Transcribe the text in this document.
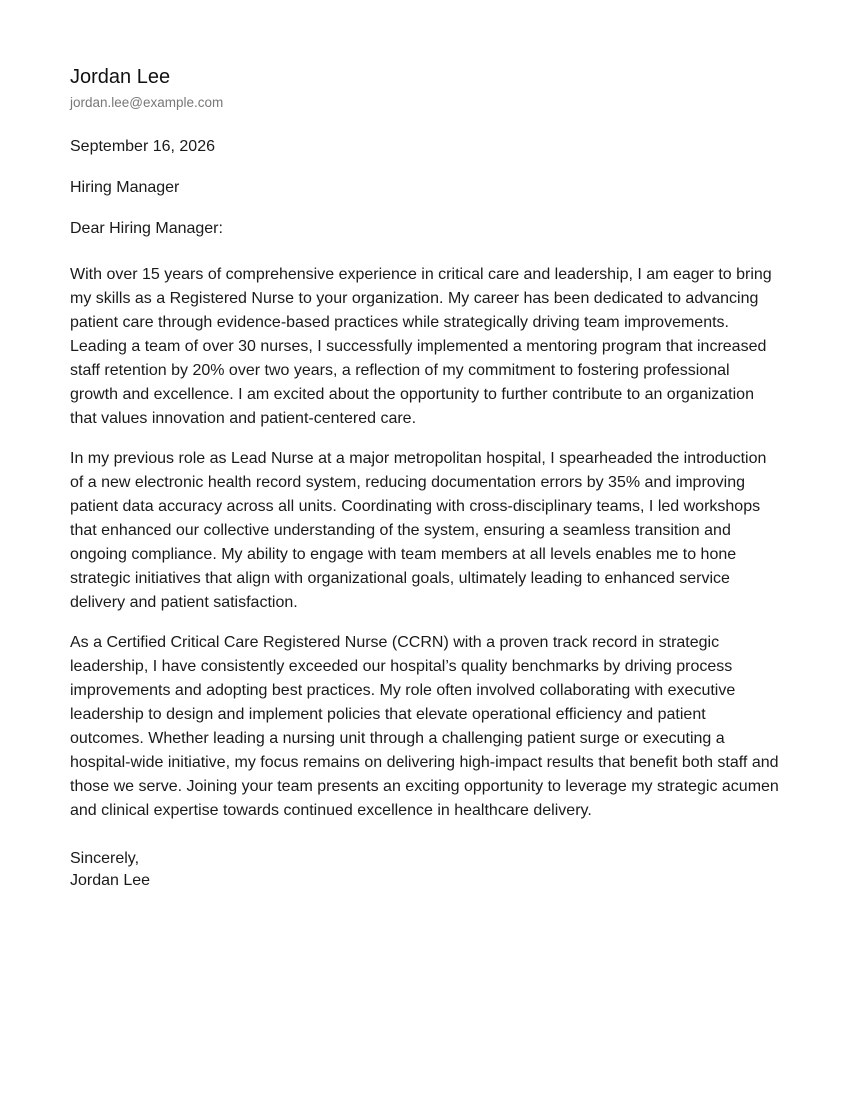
Jordan Lee
jordan.lee@example.com
September 16, 2026
Hiring Manager
Dear Hiring Manager:

With over 15 years of comprehensive experience in critical care and leadership, I am eager to bring my skills as a Registered Nurse to your organization. My career has been dedicated to advancing patient care through evidence-based practices while strategically driving team improvements. Leading a team of over 30 nurses, I successfully implemented a mentoring program that increased staff retention by 20% over two years, a reflection of my commitment to fostering professional growth and excellence. I am excited about the opportunity to further contribute to an organization that values innovation and patient-centered care.

In my previous role as Lead Nurse at a major metropolitan hospital, I spearheaded the introduction of a new electronic health record system, reducing documentation errors by 35% and improving patient data accuracy across all units. Coordinating with cross-disciplinary teams, I led workshops that enhanced our collective understanding of the system, ensuring a seamless transition and ongoing compliance. My ability to engage with team members at all levels enables me to hone strategic initiatives that align with organizational goals, ultimately leading to enhanced service delivery and patient satisfaction.

As a Certified Critical Care Registered Nurse (CCRN) with a proven track record in strategic leadership, I have consistently exceeded our hospital’s quality benchmarks by driving process improvements and adopting best practices. My role often involved collaborating with executive leadership to design and implement policies that elevate operational efficiency and patient outcomes. Whether leading a nursing unit through a challenging patient surge or executing a hospital-wide initiative, my focus remains on delivering high-impact results that benefit both staff and those we serve. Joining your team presents an exciting opportunity to leverage my strategic acumen and clinical expertise towards continued excellence in healthcare delivery.

Sincerely,
Jordan Lee
